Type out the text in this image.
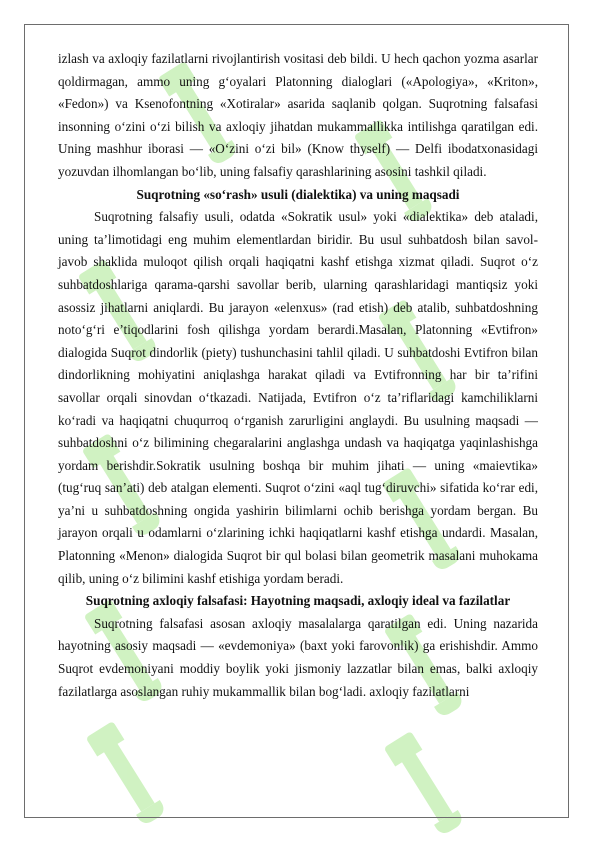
izlash va axloqiy fazilatlarni rivojlantirish vositasi deb bildi. U hech qachon yozma asarlar qoldirmagan, ammo uning g‘oyalari Platonning dialoglari («Apologiya», «Kriton», «Fedon») va Ksenofontning «Xotiralar» asarida saqlanib qolgan. Suqrotning falsafasi insonning o‘zini o‘zi bilish va axloqiy jihatdan mukammallikka intilishga qaratilgan edi. Uning mashhur iborasi — «O‘zini o‘zi bil» (Know thyself) — Delfi ibodatxonasidagi yozuvdan ilhomlangan bo‘lib, uning falsafiy qarashlarining asosini tashkil qiladi.

Suqrotning «so‘rash» usuli (dialektika) va uning maqsadi

Suqrotning falsafiy usuli, odatda «Sokratik usul» yoki «dialektika» deb ataladi, uning ta’limotidagi eng muhim elementlardan biridir. Bu usul suhbatdosh bilan savol-javob shaklida muloqot qilish orqali haqiqatni kashf etishga xizmat qiladi. Suqrot o‘z suhbatdoshlariga qarama-qarshi savollar berib, ularning qarashlaridagi mantiqsiz yoki asossiz jihatlarni aniqlardi. Bu jarayon «elenxus» (rad etish) deb atalib, suhbatdoshning noto‘g‘ri e’tiqodlarini fosh qilishga yordam berardi.Masalan, Platonning «Evtifron» dialogida Suqrot dindorlik (piety) tushunchasini tahlil qiladi. U suhbatdoshi Evtifron bilan dindorlikning mohiyatini aniqlashga harakat qiladi va Evtifronning har bir ta’rifini savollar orqali sinovdan o‘tkazadi. Natijada, Evtifron o‘z ta’riflaridagi kamchiliklarni ko‘radi va haqiqatni chuqurroq o‘rganish zarurligini anglaydi. Bu usulning maqsadi — suhbatdoshni o‘z bilimining chegaralarini anglashga undash va haqiqatga yaqinlashishga yordam berishdir.Sokratik usulning boshqa bir muhim jihati — uning «maievtika» (tug‘ruq san’ati) deb atalgan elementi. Suqrot o‘zini «aql tug‘diruvchi» sifatida ko‘rar edi, ya’ni u suhbatdoshning ongida yashirin bilimlarni ochib berishga yordam bergan. Bu jarayon orqali u odamlarni o‘zlarining ichki haqiqatlarni kashf etishga undardi. Masalan, Platonning «Menon» dialogida Suqrot bir qul bolasi bilan geometrik masalani muhokama qilib, uning o‘z bilimini kashf etishiga yordam beradi.

Suqrotning axloqiy falsafasi: Hayotning maqsadi, axloqiy ideal va fazilatlar

Suqrotning falsafasi asosan axloqiy masalalarga qaratilgan edi. Uning nazarida hayotning asosiy maqsadi — «evdemoniya» (baxt yoki farovonlik) ga erishishdir. Ammo Suqrot evdemoniyani moddiy boylik yoki jismoniy lazzatlar bilan emas, balki axloqiy fazilatlarga asoslangan ruhiy mukammallik bilan bog‘ladi. axloqiy fazilatlarni
